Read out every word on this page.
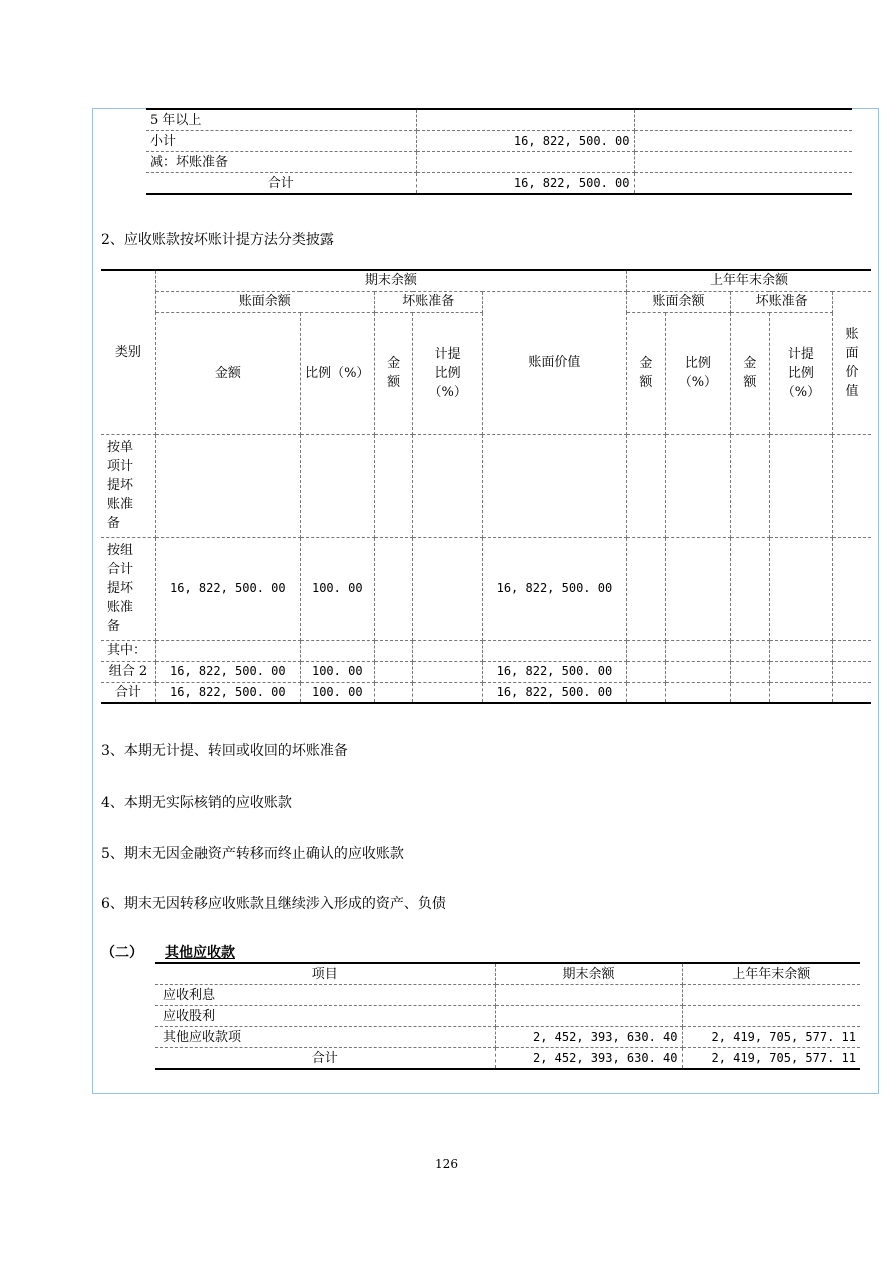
5 年以上		
小计	16, 822, 500. 00	
减：坏账准备		
合计	16, 822, 500. 00	
2、应收账款按坏账计提方法分类披露
类别	期末余额					上年年末余额				
	账面余额		坏账准备		账面价值	账面余额		坏账准备		账面价值
	金额	比例（%）	金额	计提比例（%）		金额	比例（%）	金额	计提比例（%）	
按单项计提坏账准备										
按组合计提坏账准备	16, 822, 500. 00	100. 00			16, 822, 500. 00					
其中：										
组合 2	16, 822, 500. 00	100. 00			16, 822, 500. 00					
合计	16, 822, 500. 00	100. 00			16, 822, 500. 00					
3、本期无计提、转回或收回的坏账准备
4、本期无实际核销的应收账款
5、期末无因金融资产转移而终止确认的应收账款
6、期末无因转移应收账款且继续涉入形成的资产、负债
（二） 其他应收款
项目	期末余额	上年年末余额
应收利息		
应收股利		
其他应收款项	2, 452, 393, 630. 40	2, 419, 705, 577. 11
合计	2, 452, 393, 630. 40	2, 419, 705, 577. 11
126
